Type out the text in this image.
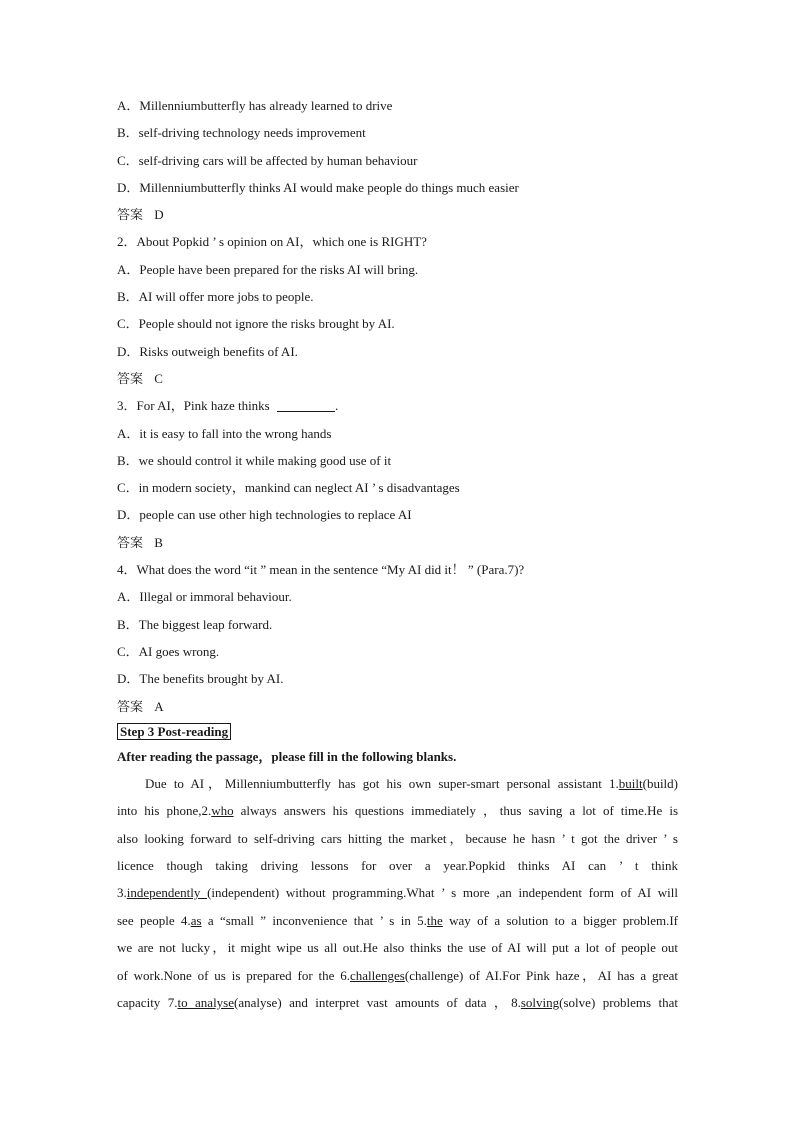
A．Millenniumbutterfly has already learned to drive
B．self-driving technology needs improvement
C．self-driving cars will be affected by human behaviour
D．Millenniumbutterfly thinks AI would make people do things much easier
答案 D
2．About Popkid ’ s opinion on AI，which one is RIGHT?
A．People have been prepared for the risks AI will bring.
B．AI will offer more jobs to people.
C．People should not ignore the risks brought by AI.
D．Risks outweigh benefits of AI.
答案 C
3．For AI，Pink haze thinks	.
A．it is easy to fall into the wrong hands
B．we should control it while making good use of it
C．in modern society，mankind can neglect AI ’ s disadvantages
D．people can use other high technologies to replace AI
答案 B
4．What does the word “it ” mean in the sentence “My AI did it！ ” (Para.7)?
A．Illegal or immoral behaviour.
B．The biggest leap forward.
C．AI goes wrong.
D．The benefits brought by AI.
答案 A
Step 3 Post-reading
After reading the passage，please fill in the following blanks.
Due to AI，Millenniumbutterfly has got his own super-smart personal assistant 1.built(build)
into his phone,2.who always answers his questions immediately ，thus saving a lot of time.He is
also looking forward to self-driving cars hitting the market，because he hasn ’ t got the driver ’ s
licence though taking driving lessons for over a year.Popkid thinks AI can ’ t think
3.independently (independent) without programming.What ’ s more ,an independent form of AI will
see people 4.as a “small ” inconvenience that ’ s in 5.the way of a solution to a bigger problem.If
we are not lucky，it might wipe us all out.He also thinks the use of AI will put a lot of people out
of work.None of us is prepared for the 6.challenges(challenge) of AI.For Pink haze，AI has a great
capacity 7.to analyse(analyse) and interpret vast amounts of data ，8.solving(solve) problems that
